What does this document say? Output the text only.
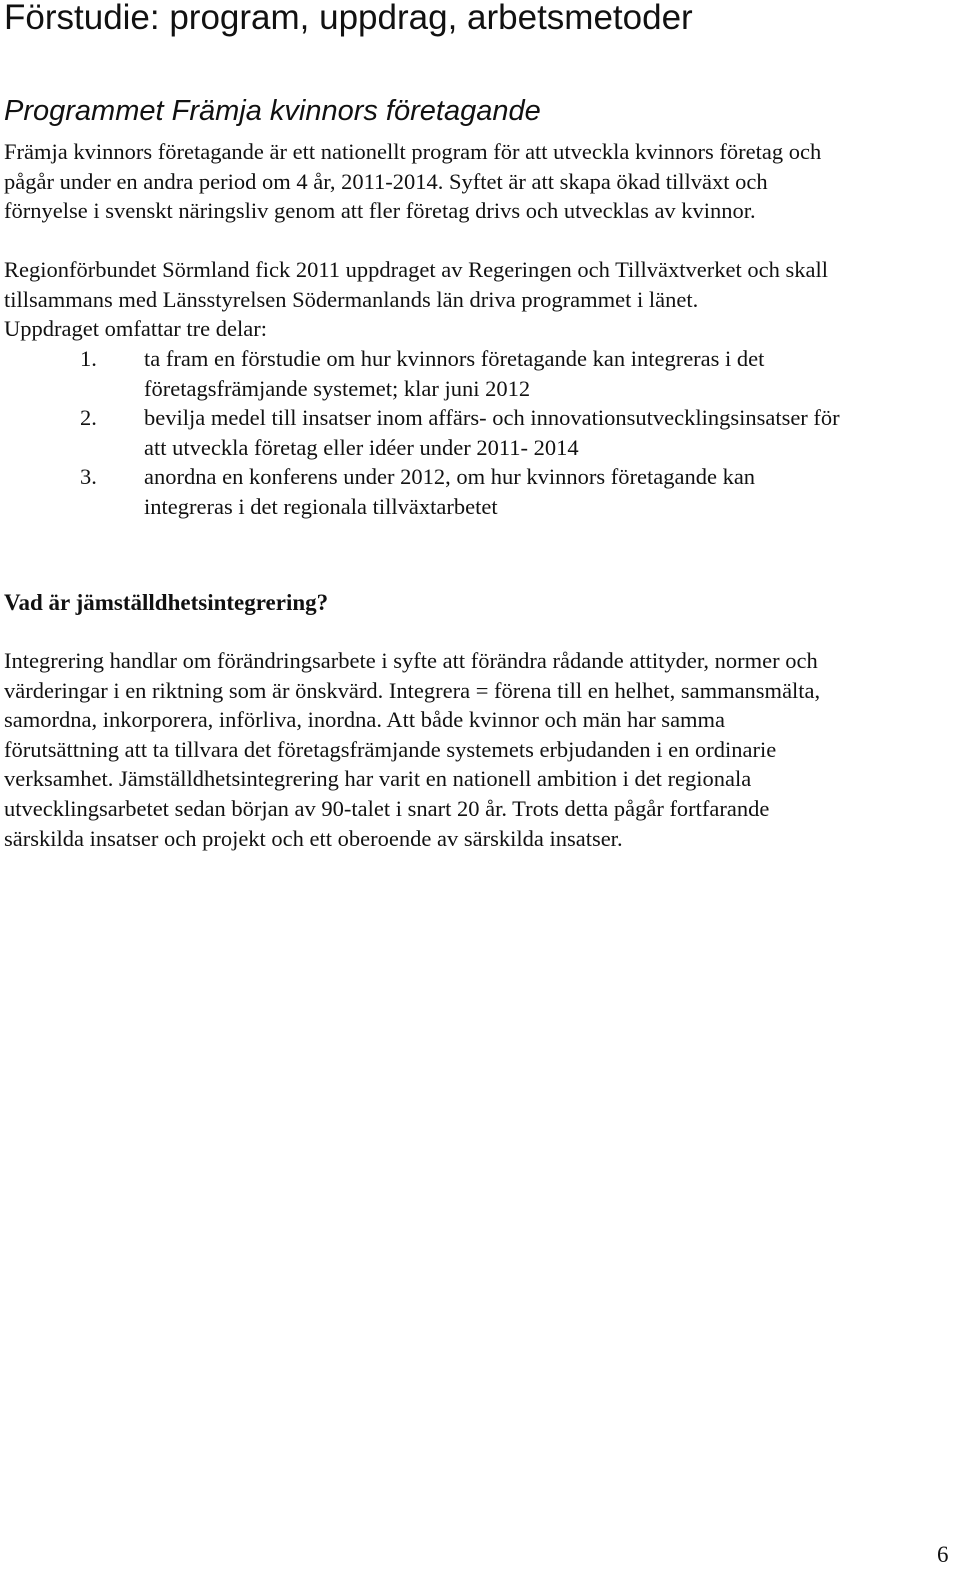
Förstudie: program, uppdrag, arbetsmetoder
Programmet Främja kvinnors företagande
Främja kvinnors företagande är ett nationellt program för att utveckla kvinnors företag och
pågår under en andra period om 4 år, 2011-2014. Syftet är att skapa ökad tillväxt och
förnyelse i svenskt näringsliv genom att fler företag drivs och utvecklas av kvinnor.
Regionförbundet Sörmland fick 2011 uppdraget av Regeringen och Tillväxtverket och skall
tillsammans med Länsstyrelsen Södermanlands län driva programmet i länet.
Uppdraget omfattar tre delar:
1.	ta fram en förstudie om hur kvinnors företagande kan integreras i det
företagsfrämjande systemet; klar juni 2012
2.	bevilja medel till insatser inom affärs- och innovationsutvecklingsinsatser för
att utveckla företag eller idéer under 2011- 2014
3.	anordna en konferens under 2012, om hur kvinnors företagande kan
integreras i det regionala tillväxtarbetet
Vad är jämställdhetsintegrering?
Integrering handlar om förändringsarbete i syfte att förändra rådande attityder, normer och
värderingar i en riktning som är önskvärd. Integrera = förena till en helhet, sammansmälta,
samordna, inkorporera, införliva, inordna. Att både kvinnor och män har samma
förutsättning att ta tillvara det företagsfrämjande systemets erbjudanden i en ordinarie
verksamhet. Jämställdhetsintegrering har varit en nationell ambition i det regionala
utvecklingsarbetet sedan början av 90-talet i snart 20 år. Trots detta pågår fortfarande
särskilda insatser och projekt och ett oberoende av särskilda insatser.
6
